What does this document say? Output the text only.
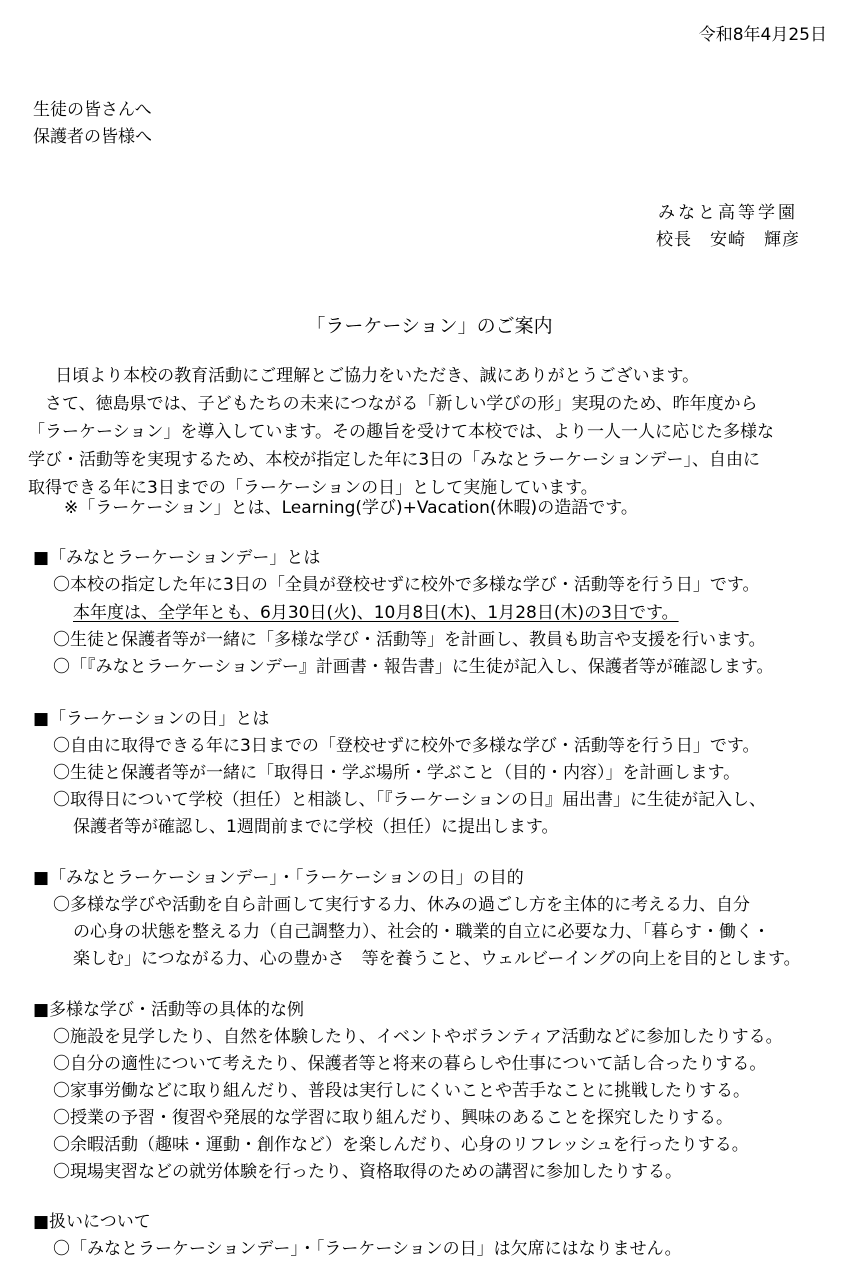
令和8年4月25日
生徒の皆さんへ
保護者の皆様へ
みなと高等学園
校長　安崎　輝彦
「ラーケーション」のご案内
日頃より本校の教育活動にご理解とご協力をいただき、誠にありがとうございます。
　さて、徳島県では、子どもたちの未来につながる「新しい学びの形」実現のため、昨年度から
「ラーケーション」を導入しています。その趣旨を受けて本校では、より一人一人に応じた多様な
学び・活動等を実現するため、本校が指定した年に3日の「みなとラーケーションデー」、自由に
取得できる年に3日までの「ラーケーションの日」として実施しています。
※「ラーケーション」とは、Learning(学び)+Vacation(休暇)の造語です。
■「みなとラーケーションデー」とは
〇本校の指定した年に3日の「全員が登校せずに校外で多様な学び・活動等を行う日」です。
本年度は、全学年とも、6月30日(火)、10月8日(木)、1月28日(木)の3日です。
〇生徒と保護者等が一緒に「多様な学び・活動等」を計画し、教員も助言や支援を行います。
〇「『みなとラーケーションデー』計画書・報告書」に生徒が記入し、保護者等が確認します。
■「ラーケーションの日」とは
〇自由に取得できる年に3日までの「登校せずに校外で多様な学び・活動等を行う日」です。
〇生徒と保護者等が一緒に「取得日・学ぶ場所・学ぶこと（目的・内容）」を計画します。
〇取得日について学校（担任）と相談し、「『ラーケーションの日』届出書」に生徒が記入し、
保護者等が確認し、1週間前までに学校（担任）に提出します。
■「みなとラーケーションデー」・「ラーケーションの日」の目的
〇多様な学びや活動を自ら計画して実行する力、休みの過ごし方を主体的に考える力、自分
の心身の状態を整える力（自己調整力）、社会的・職業的自立に必要な力、「暮らす・働く・
楽しむ」につながる力、心の豊かさ　等を養うこと、ウェルビーイングの向上を目的とします。
■多様な学び・活動等の具体的な例
〇施設を見学したり、自然を体験したり、イベントやボランティア活動などに参加したりする。
〇自分の適性について考えたり、保護者等と将来の暮らしや仕事について話し合ったりする。
〇家事労働などに取り組んだり、普段は実行しにくいことや苦手なことに挑戦したりする。
〇授業の予習・復習や発展的な学習に取り組んだり、興味のあることを探究したりする。
〇余暇活動（趣味・運動・創作など）を楽しんだり、心身のリフレッシュを行ったりする。
〇現場実習などの就労体験を行ったり、資格取得のための講習に参加したりする。
■扱いについて
〇「みなとラーケーションデー」・「ラーケーションの日」は欠席にはなりません。
